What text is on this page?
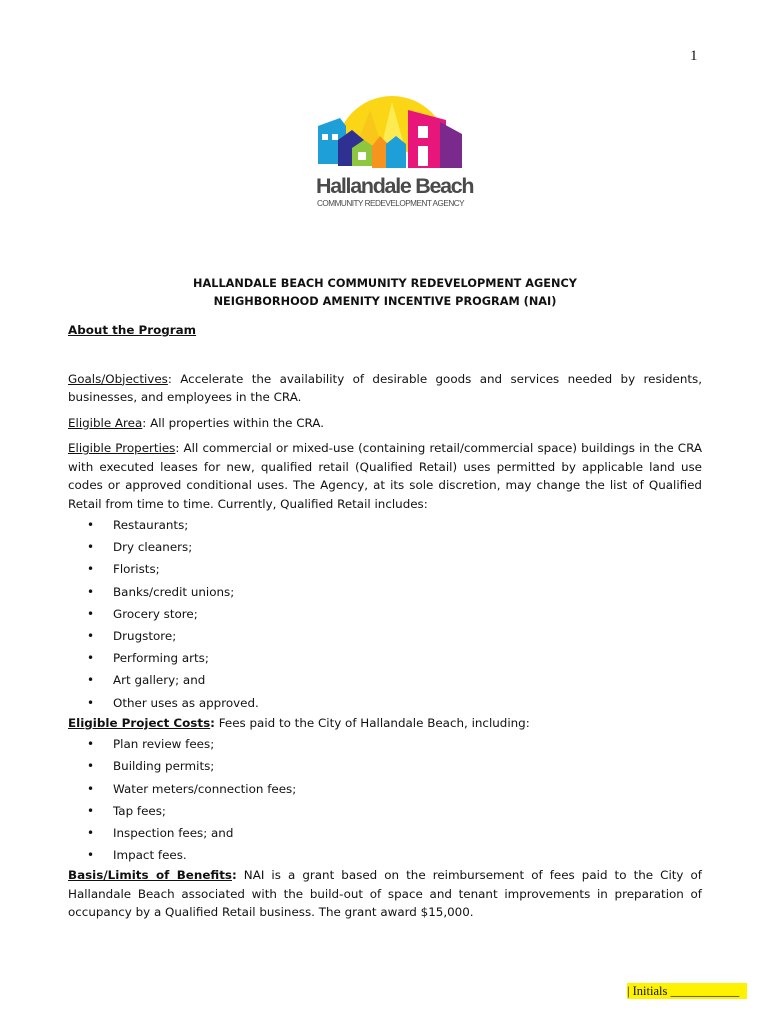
1
Hallandale Beach
COMMUNITY REDEVELOPMENT AGENCY
HALLANDALE BEACH COMMUNITY REDEVELOPMENT AGENCY
NEIGHBORHOOD AMENITY INCENTIVE PROGRAM (NAI)
About the Program

Goals/Objectives: Accelerate the availability of desirable goods and services needed by residents, businesses, and employees in the CRA.

Eligible Area: All properties within the CRA.

Eligible Properties: All commercial or mixed-use (containing retail/commercial space) buildings in the CRA with executed leases for new, qualified retail (Qualified Retail) uses permitted by applicable land use codes or approved conditional uses. The Agency, at its sole discretion, may change the list of Qualified Retail from time to time. Currently, Qualified Retail includes:

• Restaurants;
• Dry cleaners;
• Florists;
• Banks/credit unions;
• Grocery store;
• Drugstore;
• Performing arts;
• Art gallery; and
• Other uses as approved.

Eligible Project Costs: Fees paid to the City of Hallandale Beach, including:

• Plan review fees;
• Building permits;
• Water meters/connection fees;
• Tap fees;
• Inspection fees; and
• Impact fees.

Basis/Limits of Benefits: NAI is a grant based on the reimbursement of fees paid to the City of Hallandale Beach associated with the build-out of space and tenant improvements in preparation of occupancy by a Qualified Retail business. The grant award $15,000.

| Initials ___________
